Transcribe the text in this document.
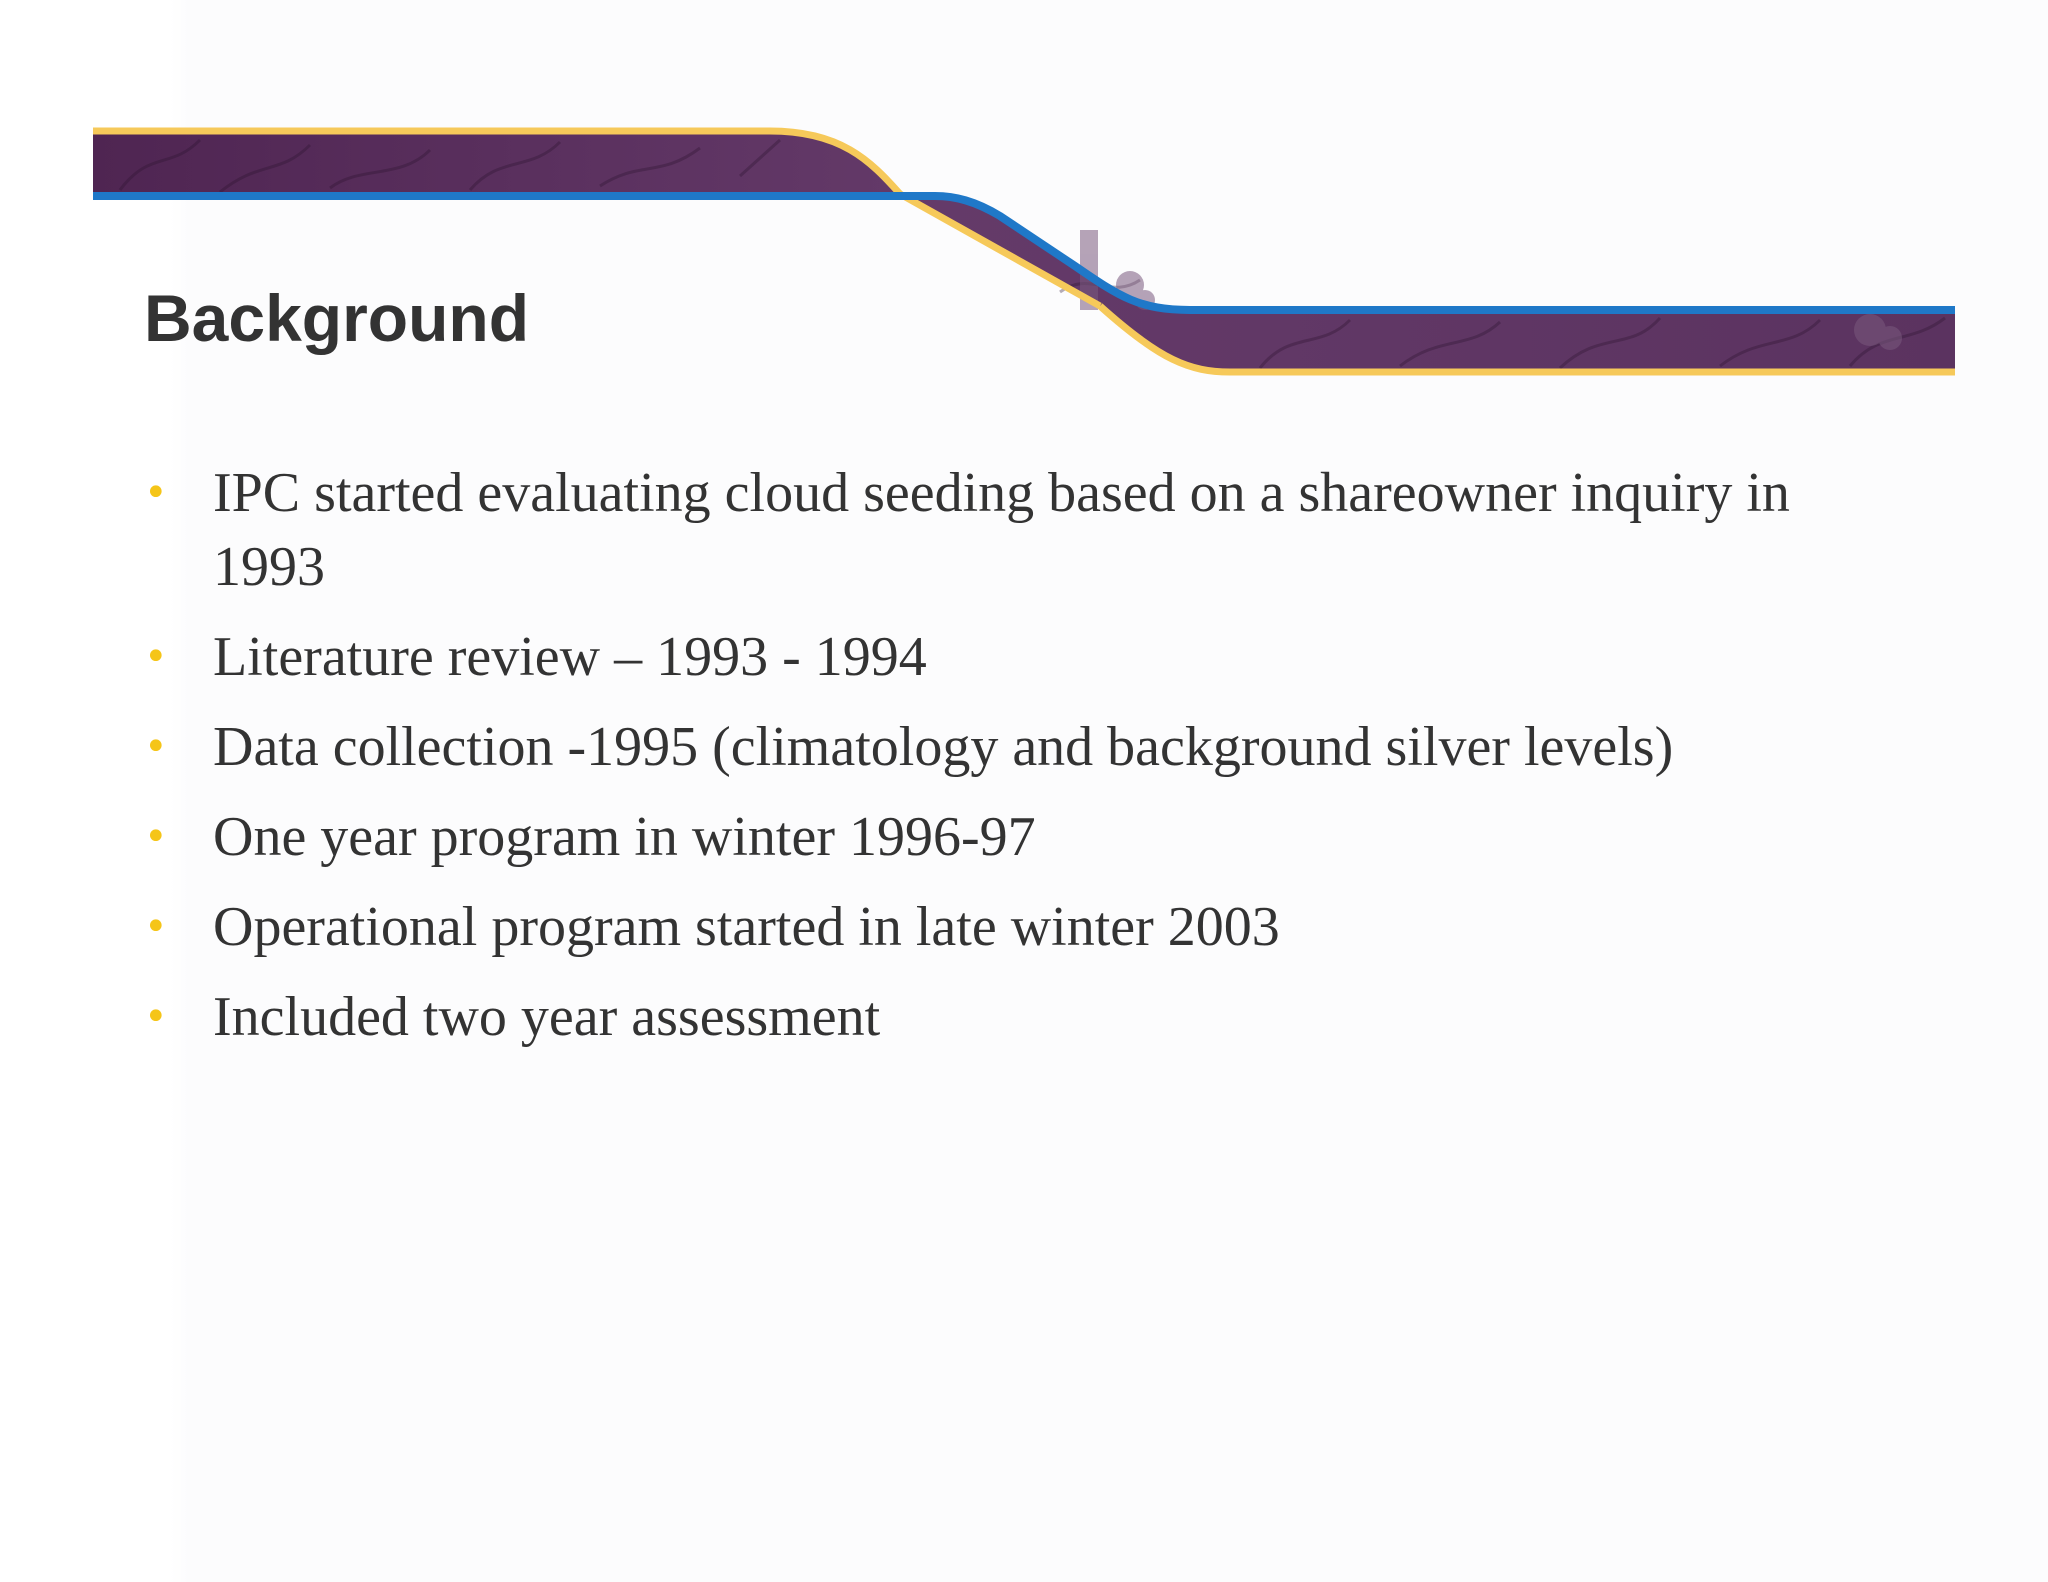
Background
• IPC started evaluating cloud seeding based on a shareowner inquiry in 1993
• Literature review – 1993 - 1994
• Data collection -1995 (climatology and background silver levels)
• One year program in winter 1996-97
• Operational program started in late winter 2003
• Included two year assessment
